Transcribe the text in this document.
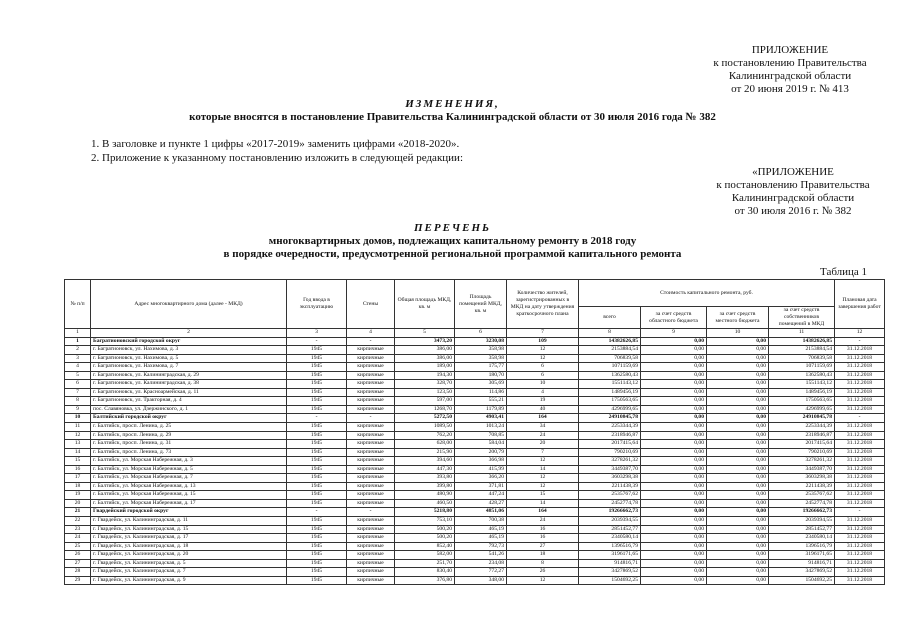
ПРИЛОЖЕНИЕ
к постановлению Правительства
Калининградской области
от 20 июня 2019 г. № 413
ИЗМЕНЕНИЯ,
которые вносятся в постановление Правительства Калининградской области от 30 июля 2016 года № 382
1. В заголовке и пункте 1 цифры «2017-2019» заменить цифрами «2018-2020».
2. Приложение к указанному постановлению изложить в следующей редакции:
«ПРИЛОЖЕНИЕ
к постановлению Правительства
Калининградской области
от 30 июля 2016 г. № 382
ПЕРЕЧЕНЬ
многоквартирных домов, подлежащих капитальному ремонту в 2018 году
в порядке очередности, предусмотренной региональной программой капитального ремонта
Таблица 1
№ п/п	Адрес многоквартирного дома (далее - МКД)	Год ввода в эксплуатацию	Стены	Общая площадь МКД, кв. м	Площадь помещений МКД, кв. м	Количество жителей, зарегистрированных в МКД на дату утверждения краткосрочного плана	Стоимость капитального ремонта, руб.				Плановая дата завершения работ
							всего	за счет средств областного бюджета	за счет средств местного бюджета	за счет средств собственников помещений в МКД	
1	2	3	4	5	6	7	8	9	10	11	12
1	Багратионовский городской округ	-	-	3473,20	3230,08	109	14382626,85	0,00	0,00	14382626,85	-
2	г. Багратионовск, ул. Нахимова, д. 3	1945	кирпичные	386,00	358,98	12	2153884,54	0,00	0,00	2153884,54	31.12.2018
3	г. Багратионовск, ул. Нахимова, д. 5	1945	кирпичные	386,00	358,98	12	706839,58	0,00	0,00	706839,58	31.12.2018
4	г. Багратионовск, ул. Нахимова, д. 7	1945	кирпичные	189,00	175,77	6	1071159,69	0,00	0,00	1071159,69	31.12.2018
5	г. Багратионовск, ул. Калининградская, д. 29	1945	кирпичные	194,30	180,70	6	1362580,43	0,00	0,00	1362580,43	31.12.2018
6	г. Багратионовск, ул. Калининградская, д. 38	1945	кирпичные	328,70	305,69	10	1551143,12	0,00	0,00	1551143,12	31.12.2018
7	г. Багратионовск, ул. Красноармейская, д. 11	1945	кирпичные	123,50	114,86	4	1489456,19	0,00	0,00	1489456,19	31.12.2018
8	г. Багратионовск, ул. Тракторная, д. 4	1945	кирпичные	597,00	555,21	19	1750563,65	0,00	0,00	1750563,65	31.12.2018
9	пос. Славяновка, ул. Дзержинского, д. 1	1945	кирпичные	1268,70	1179,89	40	4296999,65	0,00	0,00	4296999,65	31.12.2018
10	Балтийский городской округ	-	-	5272,50	4903,41	164	24910845,78	0,00	0,00	24910845,78	-
11	г. Балтийск, просп. Ленина, д. 25	1945	кирпичные	1089,50	1013,24	34	2253344,39	0,00	0,00	2253344,39	31.12.2018
12	г. Балтийск, просп. Ленина, д. 29	1945	кирпичные	762,20	708,85	24	2318946,87	0,00	0,00	2318946,87	31.12.2018
13	г. Балтийск, просп. Ленина, д. 31	1945	кирпичные	628,00	584,04	20	2017415,64	0,00	0,00	2017415,64	31.12.2018
14	г. Балтийск, просп. Ленина, д. 73	1945	кирпичные	215,90	200,79	7	790210,69	0,00	0,00	790210,69	31.12.2018
15	г. Балтийск, ул. Морская Набережная, д. 3	1945	кирпичные	394,60	366,98	12	3278261,32	0,00	0,00	3278261,32	31.12.2018
16	г. Балтийск, ул. Морская Набережная, д. 5	1945	кирпичные	447,30	415,99	14	3449387,70	0,00	0,00	3449387,70	31.12.2018
17	г. Балтийск, ул. Морская Набережная, д. 7	1945	кирпичные	393,80	366,20	12	3603298,38	0,00	0,00	3603298,38	31.12.2018
18	г. Балтийск, ул. Морская Набережная, д. 13	1945	кирпичные	399,80	371,81	12	2211438,39	0,00	0,00	2211438,39	31.12.2018
19	г. Балтийск, ул. Морская Набережная, д. 15	1945	кирпичные	480,90	447,24	15	2535767,62	0,00	0,00	2535767,62	31.12.2018
20	г. Балтийск, ул. Морская Набережная, д. 17	1945	кирпичные	460,50	428,27	14	2452774,78	0,00	0,00	2452774,78	31.12.2018
21	Гвардейский городской округ	-	-	5218,80	4851,06	164	19266662,73	0,00	0,00	19266662,73	-
22	г. Гвардейск, ул. Калининградская, д. 11	1945	кирпичные	753,10	700,38	24	2039394,55	0,00	0,00	2039394,55	31.12.2018
23	г. Гвардейск, ул. Калининградская, д. 15	1945	кирпичные	500,20	465,19	16	2851452,77	0,00	0,00	2851452,77	31.12.2018
24	г. Гвардейск, ул. Калининградская, д. 17	1945	кирпичные	500,20	465,19	16	2340580,14	0,00	0,00	2340580,14	31.12.2018
25	г. Гвардейск, ул. Калининградская, д. 18	1945	кирпичные	852,40	792,73	27	1396516,79	0,00	0,00	1396516,79	31.12.2018
26	г. Гвардейск, ул. Калининградская, д. 20	1945	кирпичные	582,00	541,26	18	3196171,65	0,00	0,00	3196171,65	31.12.2018
27	г. Гвардейск, ул. Калининградская, д. 5	1945	кирпичные	251,70	234,08	8	914816,71	0,00	0,00	914816,71	31.12.2018
28	г. Гвардейск, ул. Калининградская, д. 7	1945	кирпичные	830,40	772,27	26	3427869,52	0,00	0,00	3427869,52	31.12.2018
29	г. Гвардейск, ул. Калининградская, д. 9	1945	кирпичные	376,80	348,00	12	1504692,25	0,00	0,00	1504692,25	31.12.2018
